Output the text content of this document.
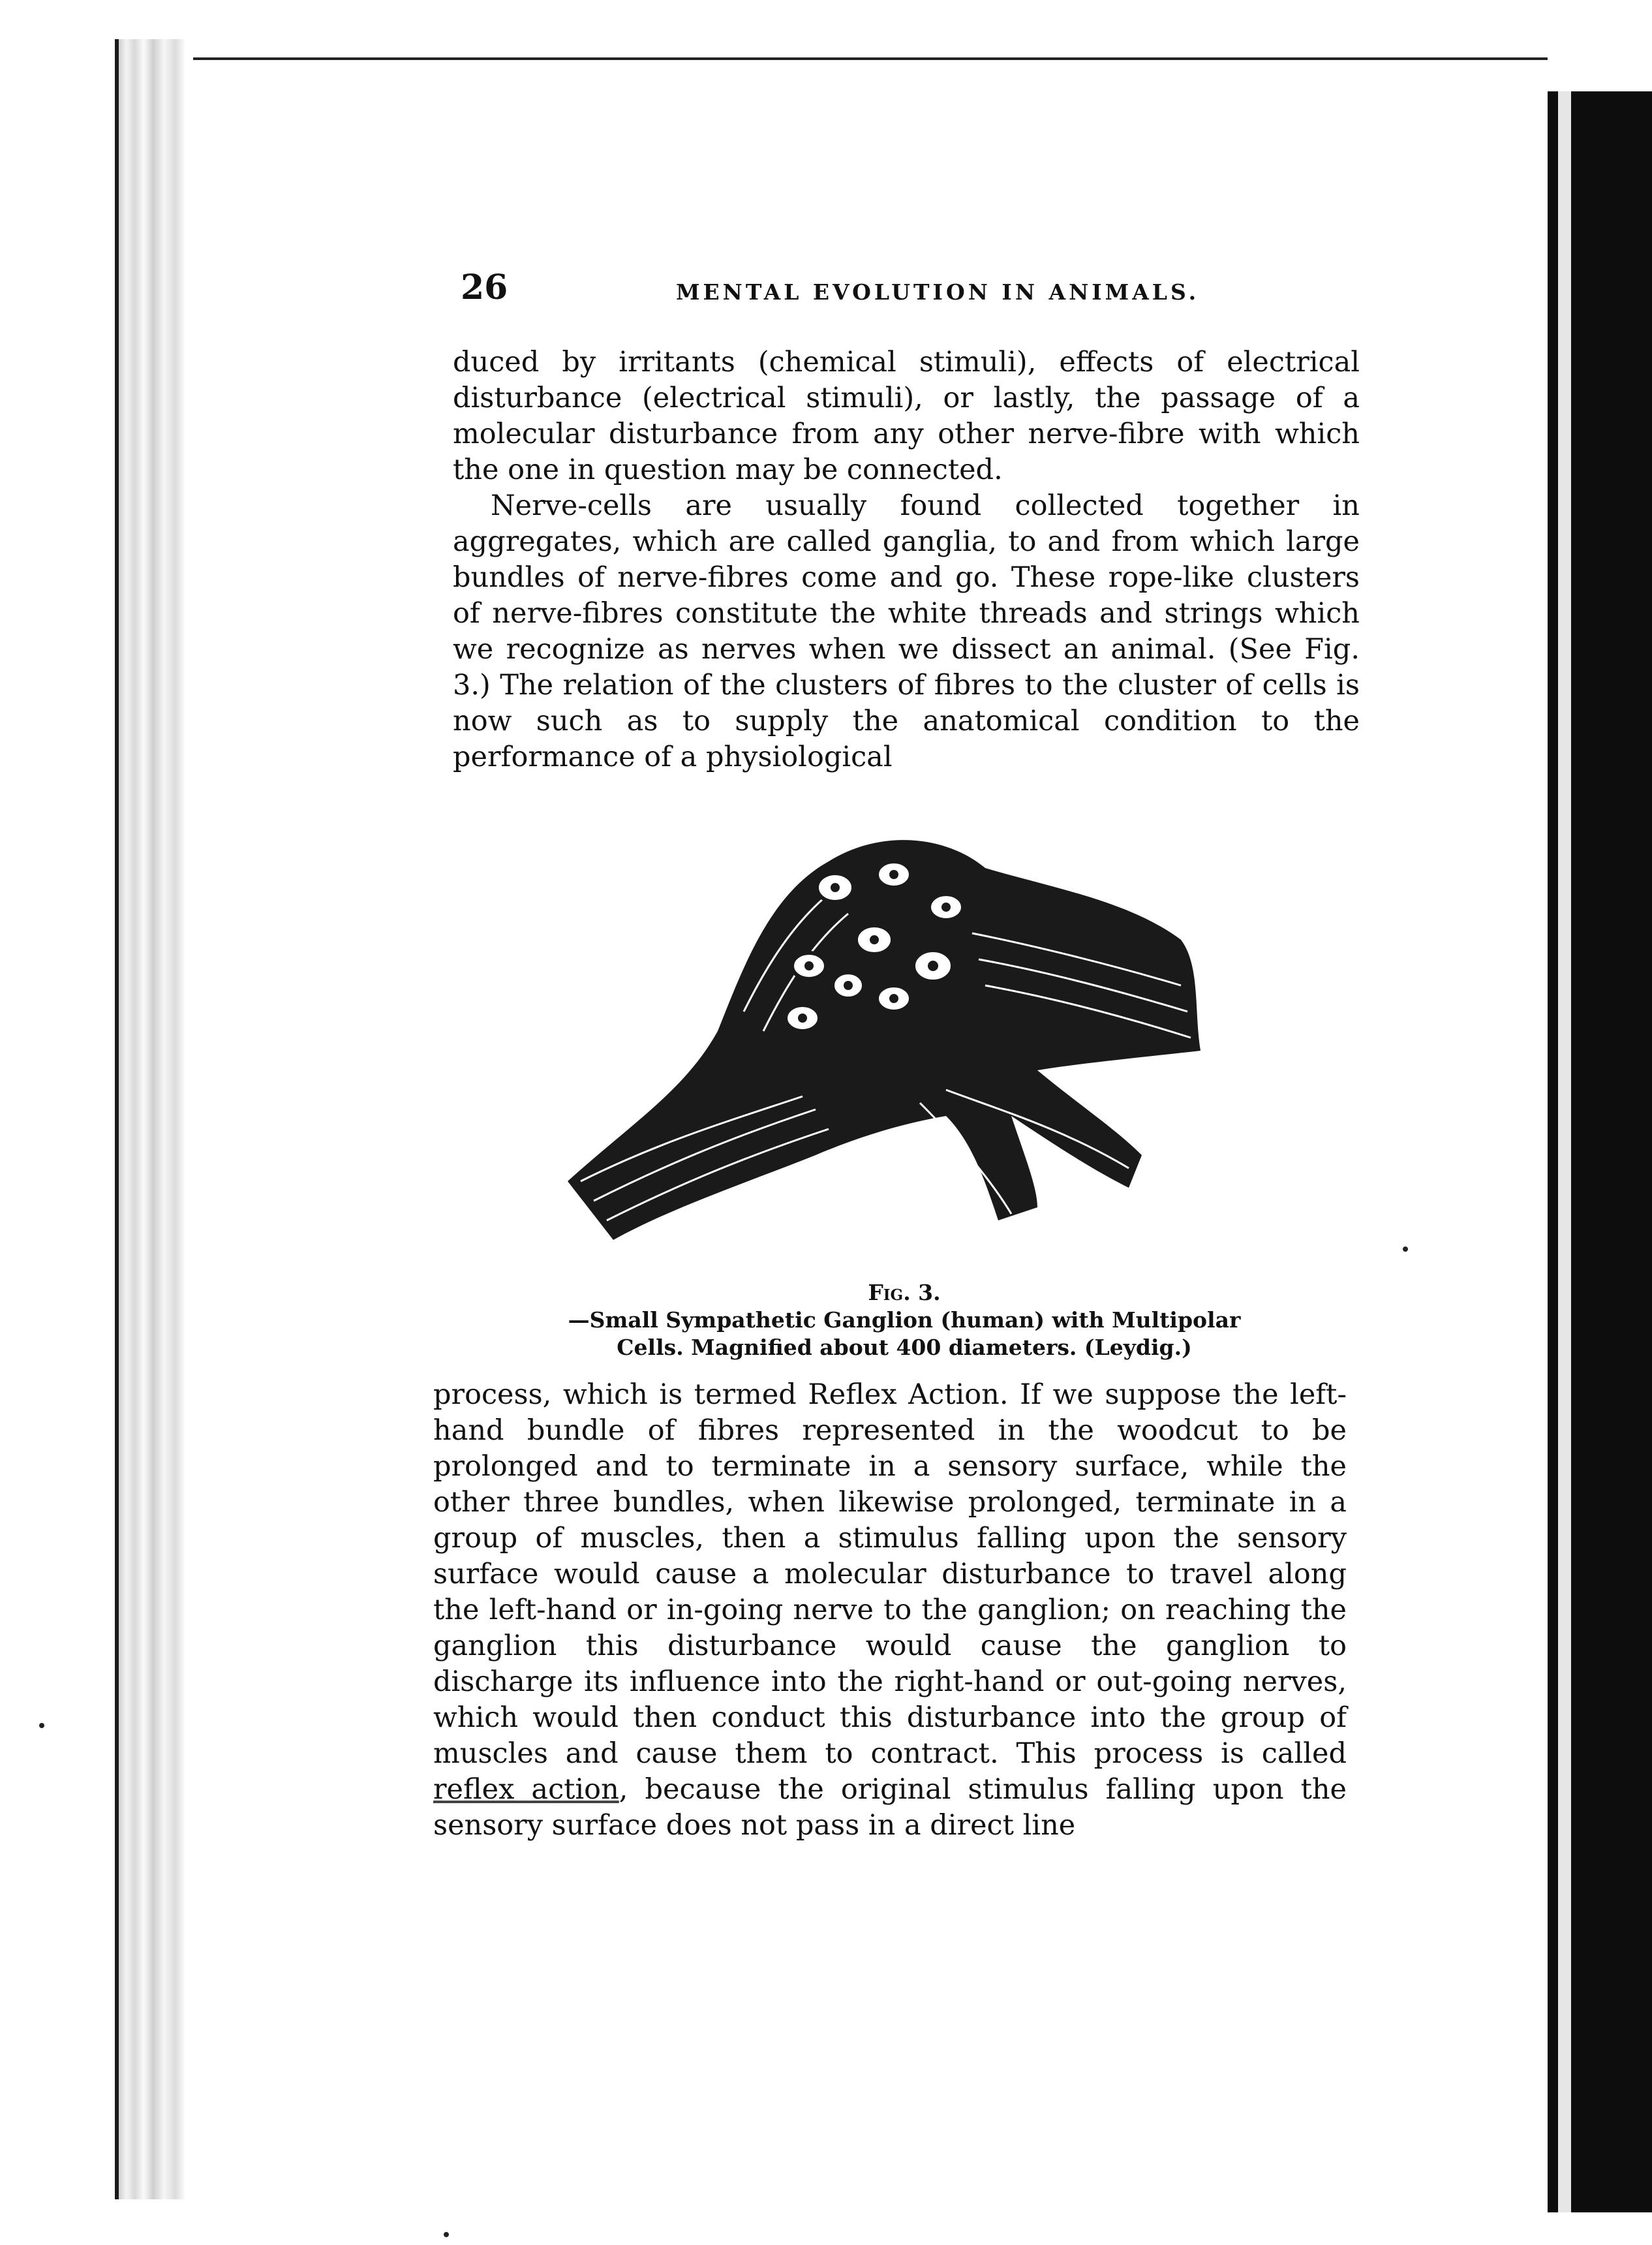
26	MENTAL EVOLUTION IN ANIMALS.

duced by irritants (chemical stimuli), effects of electrical disturbance (electrical stimuli), or lastly, the passage of a molecular disturbance from any other nerve-fibre with which the one in question may be connected.

Nerve-cells are usually found collected together in aggregates, which are called ganglia, to and from which large bundles of nerve-fibres come and go. These rope-like clusters of nerve-fibres constitute the white threads and strings which we recognize as nerves when we dissect an animal. (See Fig. 3.) The relation of the clusters of fibres to the cluster of cells is now such as to supply the anatomical condition to the performance of a physiological

Fig. 3.
—Small Sympathetic Ganglion (human) with Multipolar
Cells. Magnified about 400 diameters. (Leydig.)

process, which is termed Reflex Action. If we suppose the left-hand bundle of fibres represented in the woodcut to be prolonged and to terminate in a sensory surface, while the other three bundles, when likewise prolonged, terminate in a group of muscles, then a stimulus falling upon the sensory surface would cause a molecular disturbance to travel along the left-hand or in-going nerve to the ganglion; on reaching the ganglion this disturbance would cause the ganglion to discharge its influence into the right-hand or out-going nerves, which would then conduct this disturbance into the group of muscles and cause them to contract. This process is called reflex action, because the original stimulus falling upon the sensory surface does not pass in a direct line
